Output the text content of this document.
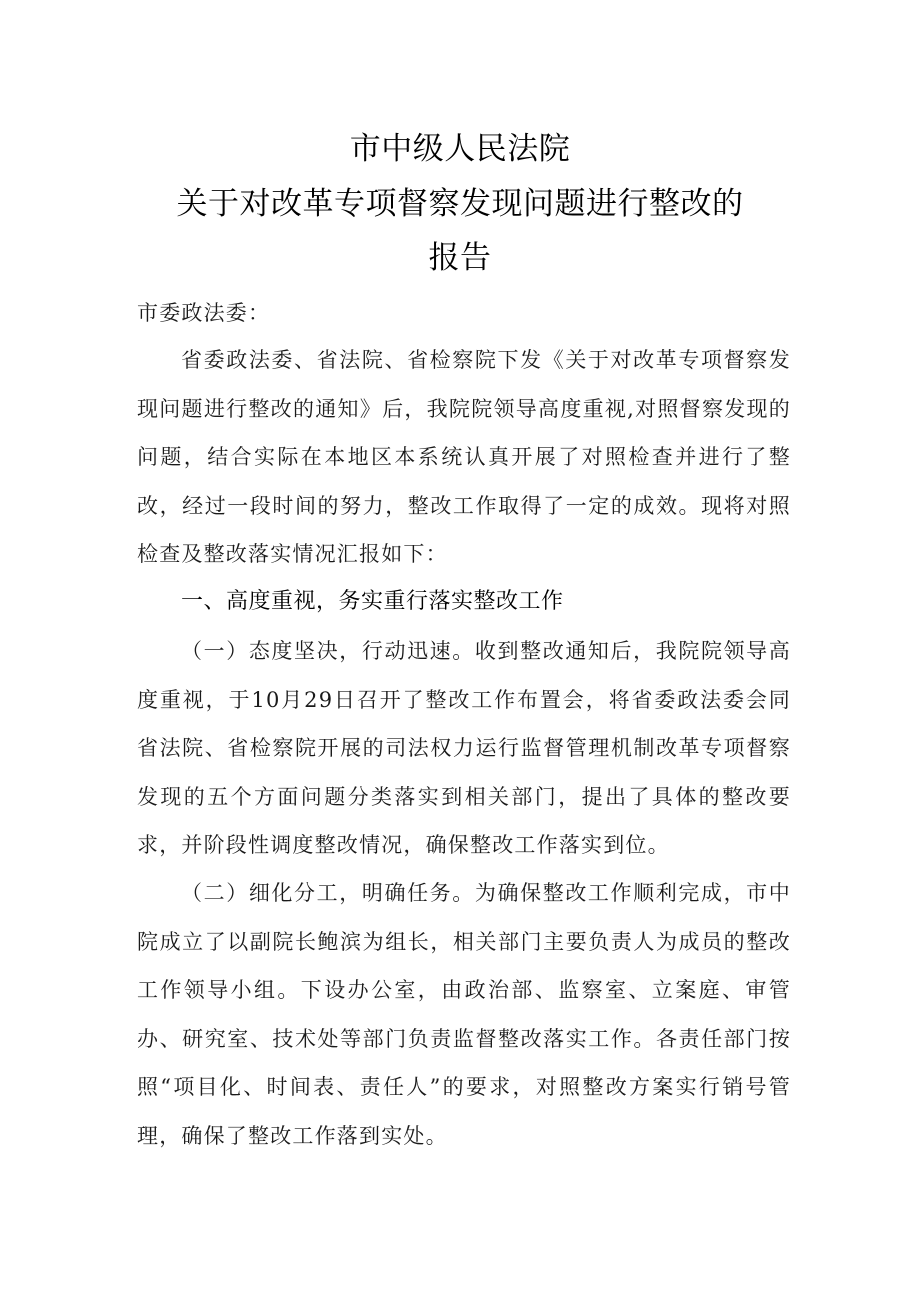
市中级人民法院
关于对改革专项督察发现问题进行整改的
报告

市委政法委：

省委政法委、省法院、省检察院下发《关于对改革专项督察发现问题进行整改的通知》后，我院院领导高度重视,对照督察发现的问题，结合实际在本地区本系统认真开展了对照检查并进行了整改，经过一段时间的努力，整改工作取得了一定的成效。现将对照检查及整改落实情况汇报如下：

一、高度重视，务实重行落实整改工作

（一）态度坚决，行动迅速。收到整改通知后，我院院领导高度重视，于10月29日召开了整改工作布置会，将省委政法委会同省法院、省检察院开展的司法权力运行监督管理机制改革专项督察发现的五个方面问题分类落实到相关部门，提出了具体的整改要求，并阶段性调度整改情况，确保整改工作落实到位。

（二）细化分工，明确任务。为确保整改工作顺利完成，市中院成立了以副院长鲍滨为组长，相关部门主要负责人为成员的整改工作领导小组。下设办公室，由政治部、监察室、立案庭、审管办、研究室、技术处等部门负责监督整改落实工作。各责任部门按照“项目化、时间表、责任人”的要求，对照整改方案实行销号管理，确保了整改工作落到实处。
